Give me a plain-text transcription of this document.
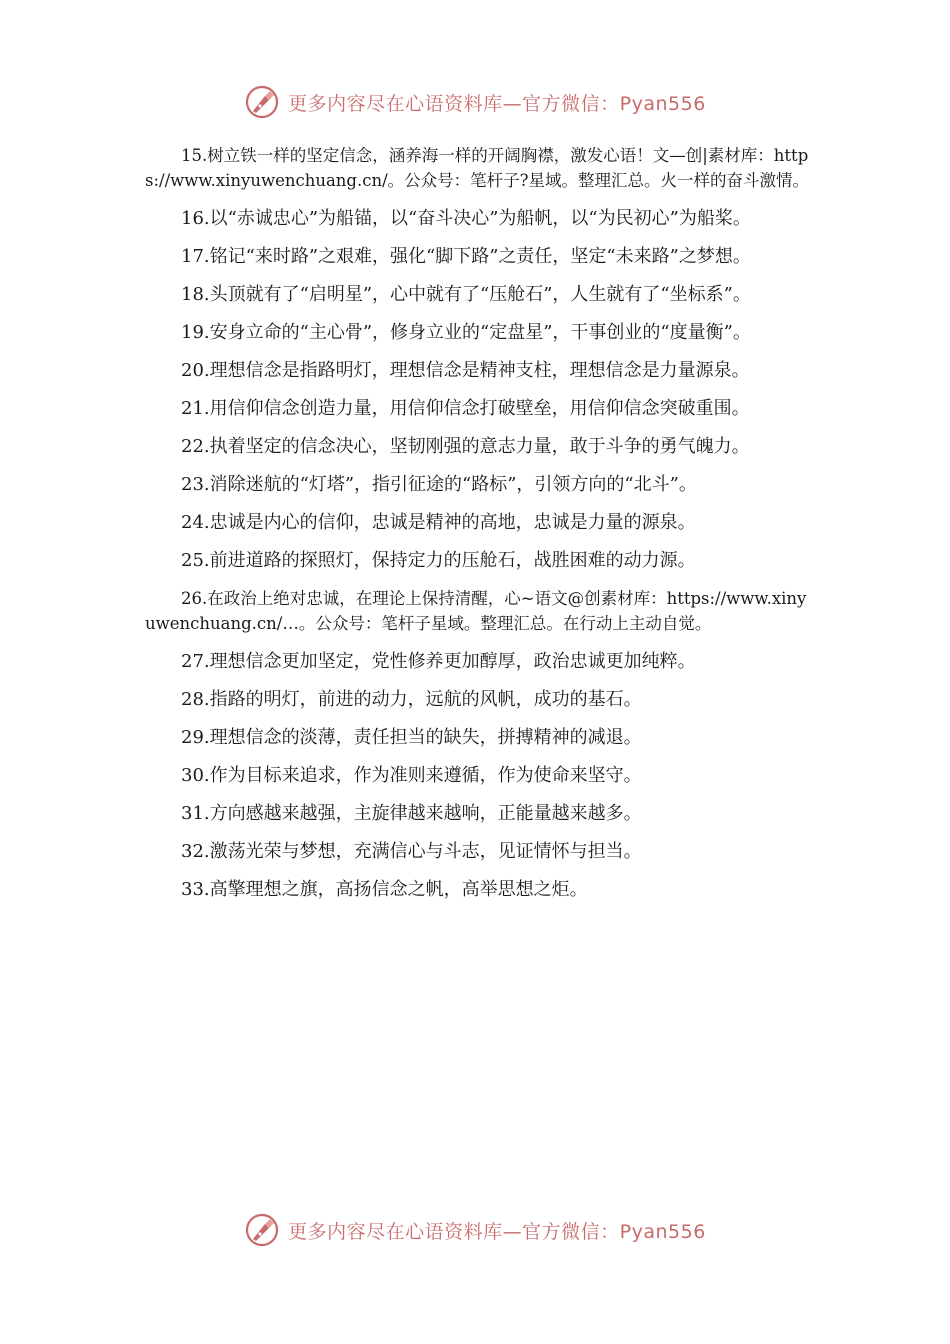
更多内容尽在心语资料库—官方微信：Pyan556

15.树立铁一样的坚定信念，涵养海一样的开阔胸襟，激发心语！文—创|素材库：https://www.xinyuwenchuang.cn/。公众号：笔杆子?星域。整理汇总。火一样的奋斗激情。

16.以“赤诚忠心”为船锚，以“奋斗决心”为船帆，以“为民初心”为船桨。

17.铭记“来时路”之艰难，强化“脚下路”之责任，坚定“未来路”之梦想。

18.头顶就有了“启明星”，心中就有了“压舱石”，人生就有了“坐标系”。

19.安身立命的“主心骨”，修身立业的“定盘星”，干事创业的“度量衡”。

20.理想信念是指路明灯，理想信念是精神支柱，理想信念是力量源泉。

21.用信仰信念创造力量，用信仰信念打破壁垒，用信仰信念突破重围。

22.执着坚定的信念决心，坚韧刚强的意志力量，敢于斗争的勇气魄力。

23.消除迷航的“灯塔”，指引征途的“路标”，引领方向的“北斗”。

24.忠诚是内心的信仰，忠诚是精神的高地，忠诚是力量的源泉。

25.前进道路的探照灯，保持定力的压舱石，战胜困难的动力源。

26.在政治上绝对忠诚，在理论上保持清醒，心~语文@创素材库：https://www.xinyuwenchuang.cn/…。公众号：笔杆子星域。整理汇总。在行动上主动自觉。

27.理想信念更加坚定，党性修养更加醇厚，政治忠诚更加纯粹。

28.指路的明灯，前进的动力，远航的风帆，成功的基石。

29.理想信念的淡薄，责任担当的缺失，拼搏精神的减退。

30.作为目标来追求，作为准则来遵循，作为使命来坚守。

31.方向感越来越强，主旋律越来越响，正能量越来越多。

32.激荡光荣与梦想，充满信心与斗志，见证情怀与担当。

33.高擎理想之旗，高扬信念之帆，高举思想之炬。

更多内容尽在心语资料库—官方微信：Pyan556
